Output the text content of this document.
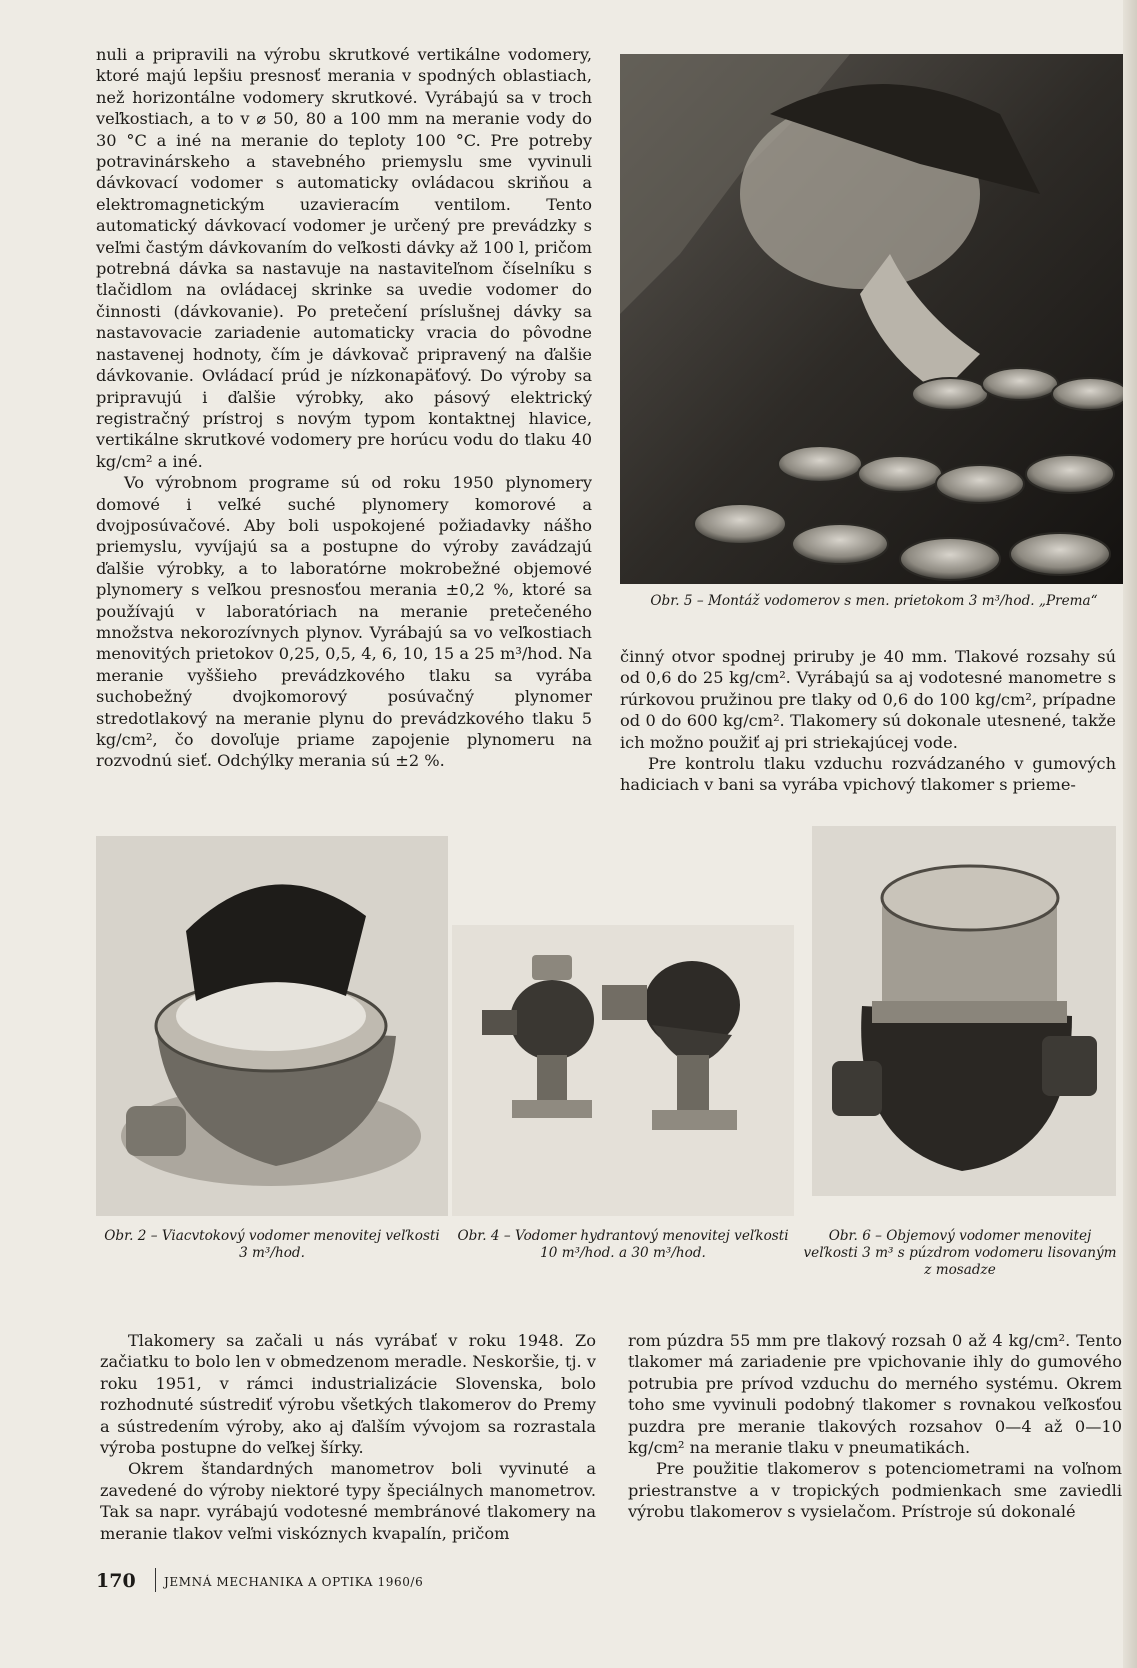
nuli a pripravili na výrobu skrutkové vertikálne vodomery, ktoré majú lepšiu presnosť merania v spodných oblastiach, než horizontálne vodomery skrutkové. Vyrábajú sa v troch veľkostiach, a to v ⌀ 50, 80 a 100 mm na meranie vody do 30 °C a iné na meranie do teploty 100 °C. Pre potreby potravinárskeho a stavebného priemyslu sme vyvinuli dávkovací vodomer s automaticky ovládacou skriňou a elektromagnetickým uzavieracím ventilom. Tento automatický dávkovací vodomer je určený pre prevádzky s veľmi častým dávkovaním do veľkosti dávky až 100 l, pričom potrebná dávka sa nastavuje na nastaviteľnom číselníku s tlačidlom na ovládacej skrinke sa uvedie vodomer do činnosti (dávkovanie). Po pretečení príslušnej dávky sa nastavovacie zariadenie automaticky vracia do pôvodne nastavenej hodnoty, čím je dávkovač pripravený na ďalšie dávkovanie. Ovládací prúd je nízkonapäťový. Do výroby sa pripravujú i ďalšie výrobky, ako pásový elektrický registračný prístroj s novým typom kontaktnej hlavice, vertikálne skrutkové vodomery pre horúcu vodu do tlaku 40 kg/cm² a iné.

Vo výrobnom programe sú od roku 1950 plynomery domové i veľké suché plynomery komorové a dvojposúvačové. Aby boli uspokojené požiadavky nášho priemyslu, vyvíjajú sa a postupne do výroby zavádzajú ďalšie výrobky, a to laboratórne mokrobežné objemové plynomery s veľkou presnosťou merania ±0,2 %, ktoré sa používajú v laboratóriach na meranie pretečeného množstva nekorozívnych plynov. Vyrábajú sa vo veľkostiach menovitých prietokov 0,25, 0,5, 4, 6, 10, 15 a 25 m³/hod. Na meranie vyššieho prevádzkového tlaku sa vyrába suchobežný dvojkomorový posúvačný plynomer stredotlakový na meranie plynu do prevádzkového tlaku 5 kg/cm², čo dovoľuje priame zapojenie plynomeru na rozvodnú sieť. Odchýlky merania sú ±2 %.

Obr. 5 – Montáž vodomerov s men. prietokom 3 m³/hod. „Prema“

činný otvor spodnej priruby je 40 mm. Tlakové rozsahy sú od 0,6 do 25 kg/cm². Vyrábajú sa aj vodotesné manometre s rúrkovou pružinou pre tlaky od 0,6 do 100 kg/cm², prípadne od 0 do 600 kg/cm². Tlakomery sú dokonale utesnené, takže ich možno použiť aj pri striekajúcej vode.

Pre kontrolu tlaku vzduchu rozvádzaného v gumových hadiciach v bani sa vyrába vpichový tlakomer s prieme-

Obr. 2 – Viacvtokový vodomer menovitej veľkosti 3 m³/hod.
Obr. 4 – Vodomer hydrantový menovitej veľkosti 10 m³/hod. a 30 m³/hod.
Obr. 6 – Objemový vodomer menovitej veľkosti 3 m³ s púzdrom vodomeru lisovaným z mosadze

Tlakomery sa začali u nás vyrábať v roku 1948. Zo začiatku to bolo len v obmedzenom meradle. Neskoršie, tj. v roku 1951, v rámci industrializácie Slovenska, bolo rozhodnuté sústrediť výrobu všetkých tlakomerov do Premy a sústredením výroby, ako aj ďalším vývojom sa rozrastala výroba postupne do veľkej šírky.

Okrem štandardných manometrov boli vyvinuté a zavedené do výroby niektoré typy špeciálnych manometrov. Tak sa napr. vyrábajú vodotesné membránové tlakomery na meranie tlakov veľmi viskóznych kvapalín, pričom

rom púzdra 55 mm pre tlakový rozsah 0 až 4 kg/cm². Tento tlakomer má zariadenie pre vpichovanie ihly do gumového potrubia pre prívod vzduchu do merného systému. Okrem toho sme vyvinuli podobný tlakomer s rovnakou veľkosťou puzdra pre meranie tlakových rozsahov 0—4 až 0—10 kg/cm² na meranie tlaku v pneumatikách.

Pre použitie tlakomerov s potenciometrami na voľnom priestranstve a v tropických podmienkach sme zaviedli výrobu tlakomerov s vysielačom. Prístroje sú dokonalé

170 JEMNÁ MECHANIKA A OPTIKA 1960/6
